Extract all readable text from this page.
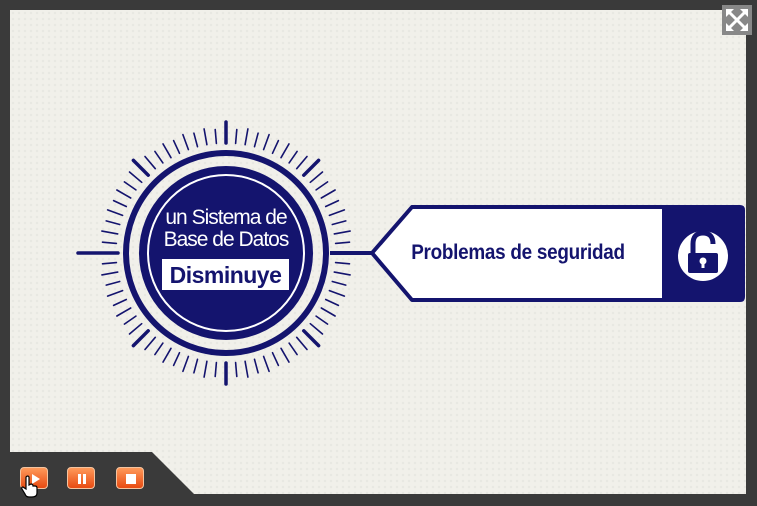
un Sistema de
Base de Datos
Disminuye
Problemas de seguridad
